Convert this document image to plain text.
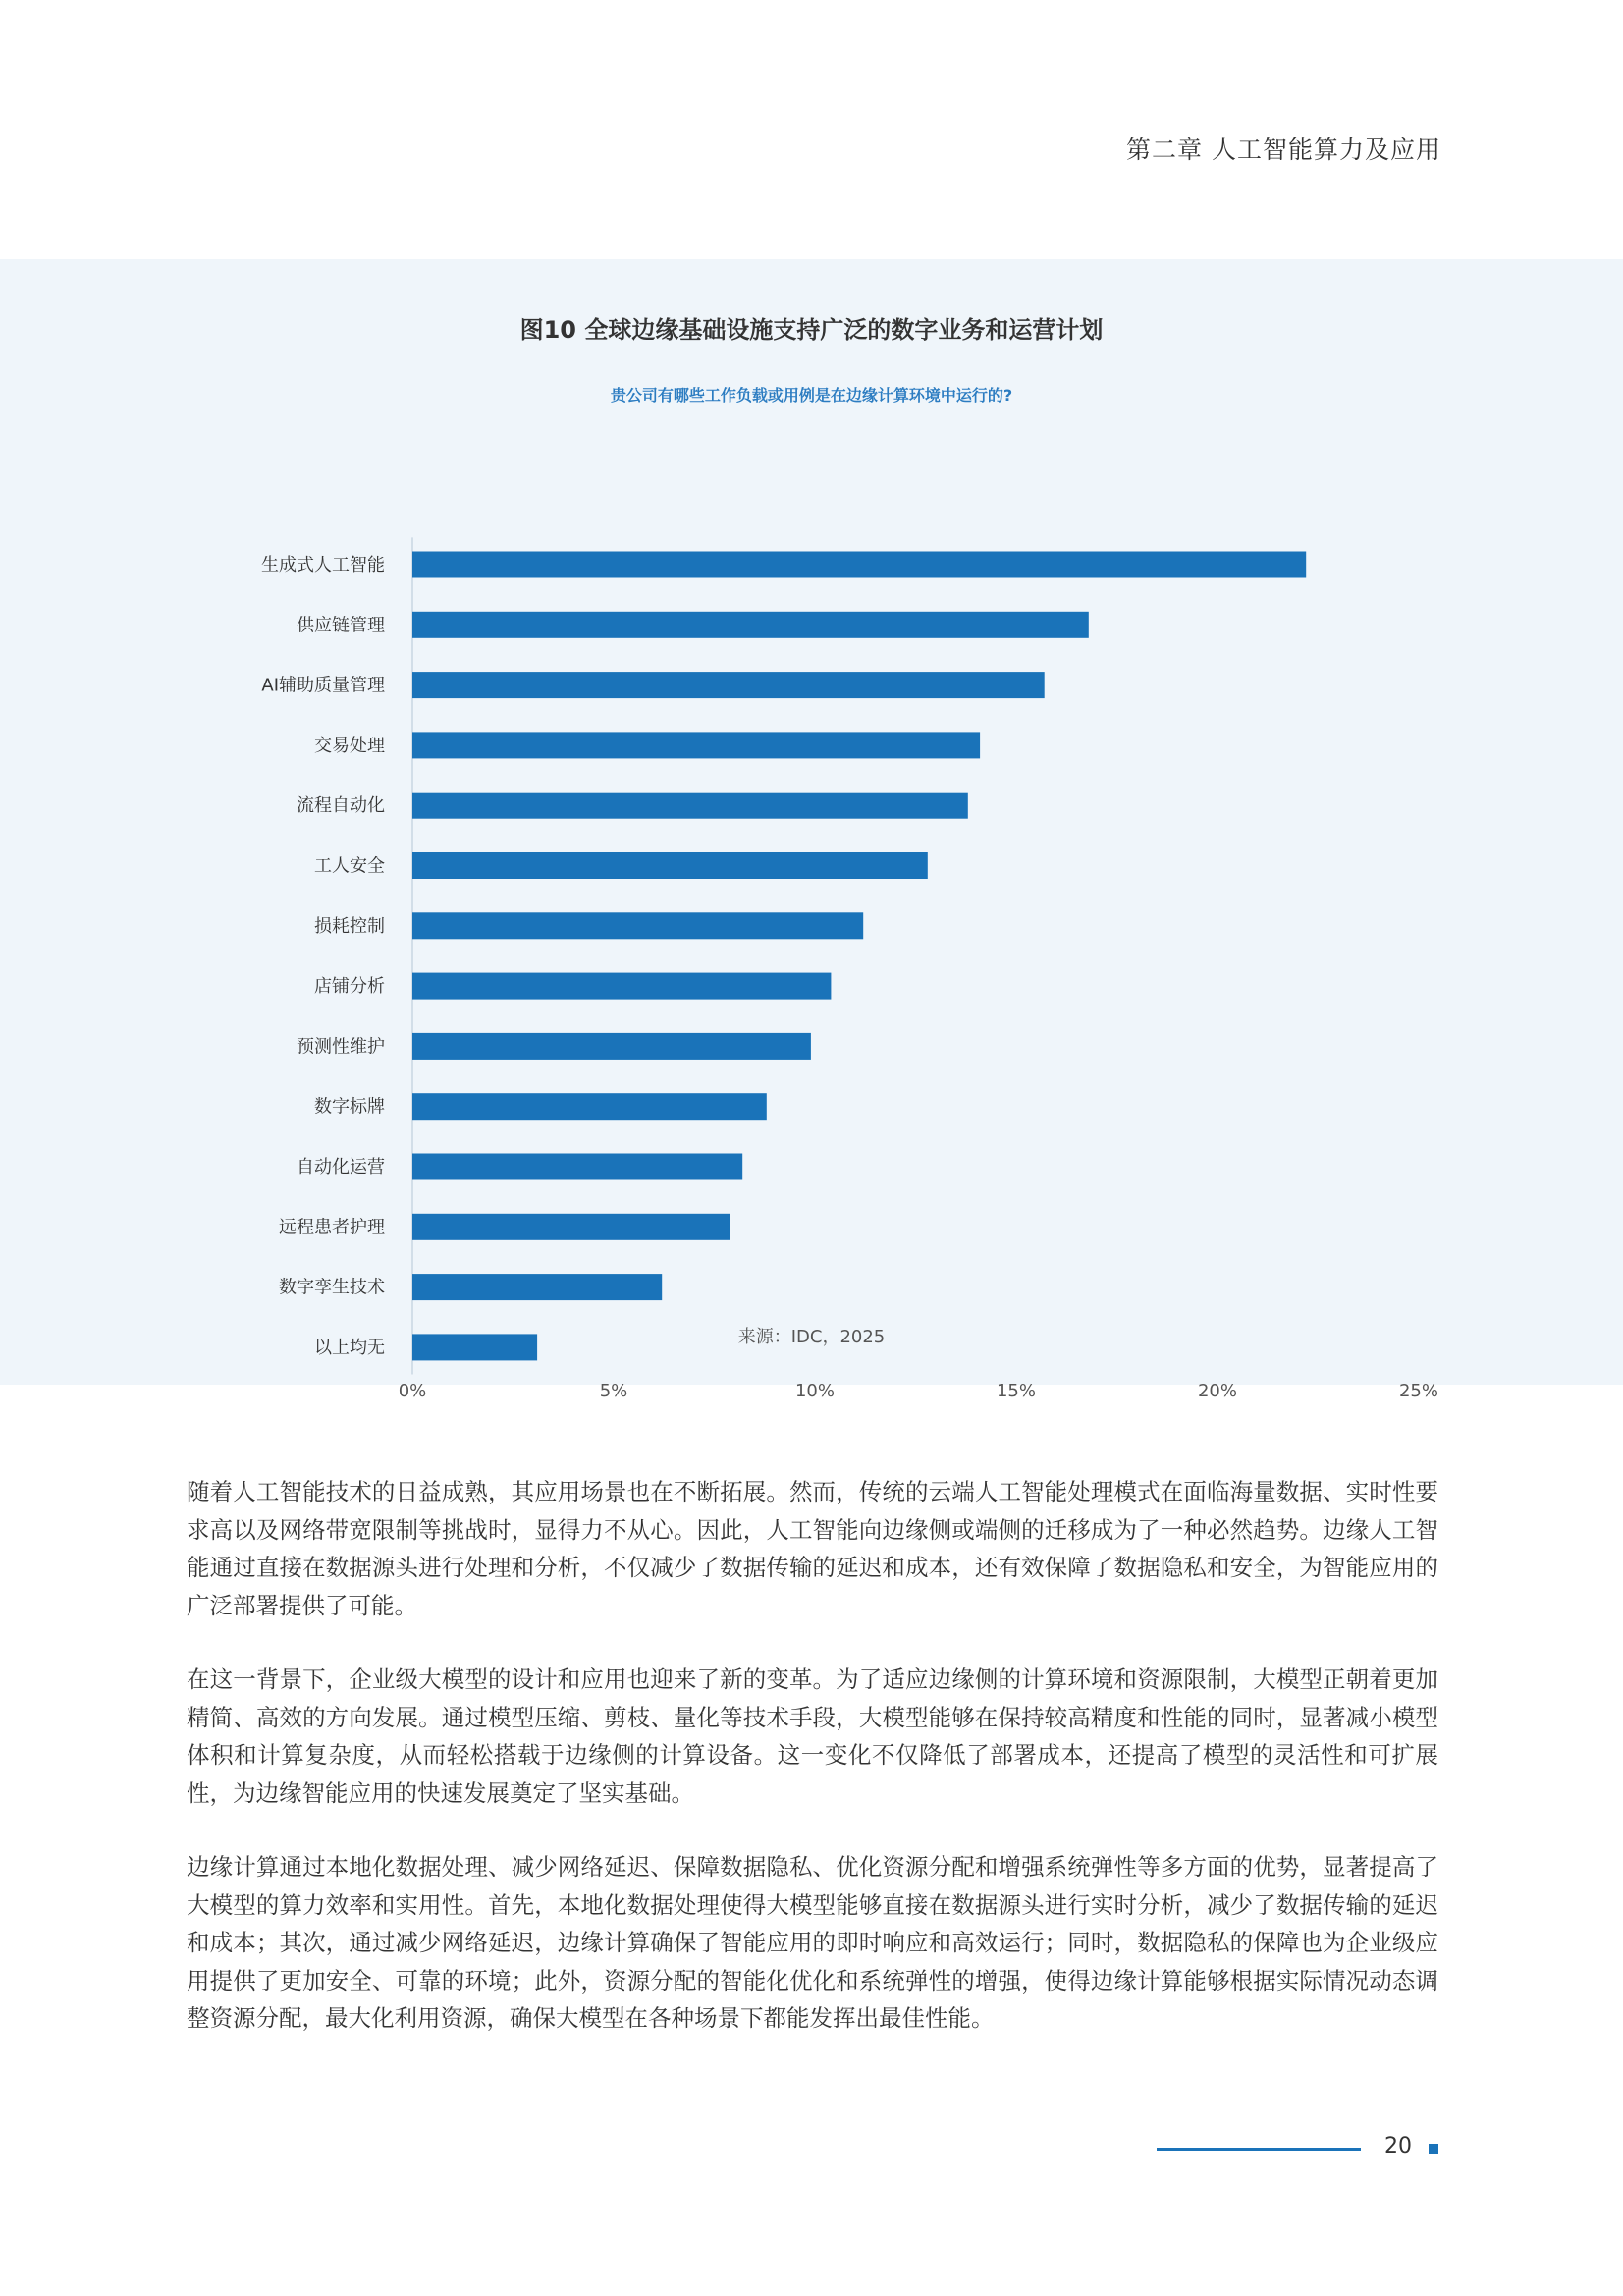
第二章 人工智能算力及应用
图10 全球边缘基础设施支持广泛的数字业务和运营计划
贵公司有哪些工作负载或用例是在边缘计算环境中运行的?
生成式人工智能
供应链管理
AI辅助质量管理
交易处理
流程自动化
工人安全
损耗控制
店铺分析
预测性维护
数字标牌
自动化运营
远程患者护理
数字孪生技术
以上均无
0%	5%	10%	15%	20%	25%
来源：IDC，2025

随着人工智能技术的日益成熟，其应用场景也在不断拓展。然而，传统的云端人工智能处理模式在面临海量数据、实时性要求高以及网络带宽限制等挑战时，显得力不从心。因此，人工智能向边缘侧或端侧的迁移成为了一种必然趋势。边缘人工智能通过直接在数据源头进行处理和分析，不仅减少了数据传输的延迟和成本，还有效保障了数据隐私和安全，为智能应用的广泛部署提供了可能。

在这一背景下，企业级大模型的设计和应用也迎来了新的变革。为了适应边缘侧的计算环境和资源限制，大模型正朝着更加精简、高效的方向发展。通过模型压缩、剪枝、量化等技术手段，大模型能够在保持较高精度和性能的同时，显著减小模型体积和计算复杂度，从而轻松搭载于边缘侧的计算设备。这一变化不仅降低了部署成本，还提高了模型的灵活性和可扩展性，为边缘智能应用的快速发展奠定了坚实基础。

边缘计算通过本地化数据处理、减少网络延迟、保障数据隐私、优化资源分配和增强系统弹性等多方面的优势，显著提高了大模型的算力效率和实用性。首先，本地化数据处理使得大模型能够直接在数据源头进行实时分析，减少了数据传输的延迟和成本；其次，通过减少网络延迟，边缘计算确保了智能应用的即时响应和高效运行；同时，数据隐私的保障也为企业级应用提供了更加安全、可靠的环境；此外，资源分配的智能化优化和系统弹性的增强，使得边缘计算能够根据实际情况动态调整资源分配，最大化利用资源，确保大模型在各种场景下都能发挥出最佳性能。

20
